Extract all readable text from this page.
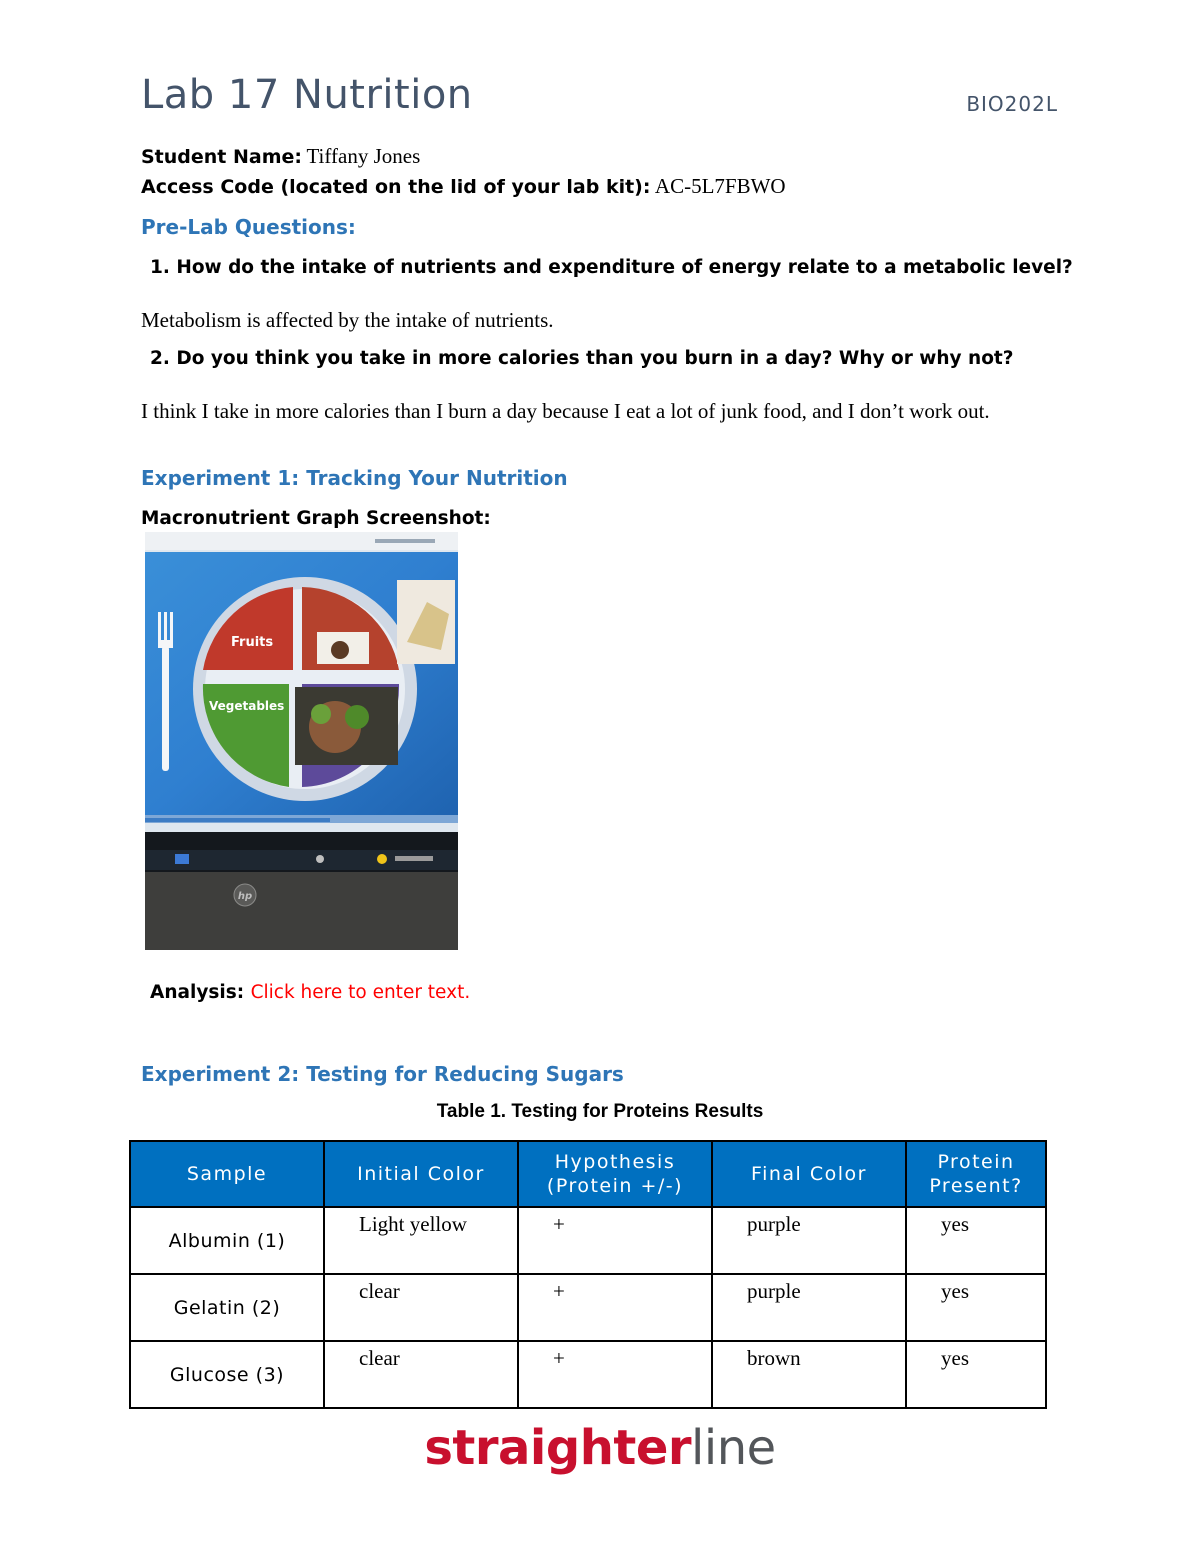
Lab 17 Nutrition	BIO202L
Student Name: Tiffany Jones
Access Code (located on the lid of your lab kit): AC-5L7FBWO
Pre-Lab Questions:
1. How do the intake of nutrients and expenditure of energy relate to a metabolic level?
Metabolism is affected by the intake of nutrients.
2. Do you think you take in more calories than you burn in a day? Why or why not?
I think I take in more calories than I burn a day because I eat a lot of junk food, and I don’t work out.
Experiment 1: Tracking Your Nutrition
Macronutrient Graph Screenshot:
Fruits
Vegetables
hp
Analysis: Click here to enter text.
Experiment 2: Testing for Reducing Sugars
Table 1. Testing for Proteins Results
Sample	Initial Color	Hypothesis (Protein +/-)	Final Color	Protein Present?
Albumin (1)	Light yellow	+	purple	yes
Gelatin (2)	clear	+	purple	yes
Glucose (3)	clear	+	brown	yes
straighterline
